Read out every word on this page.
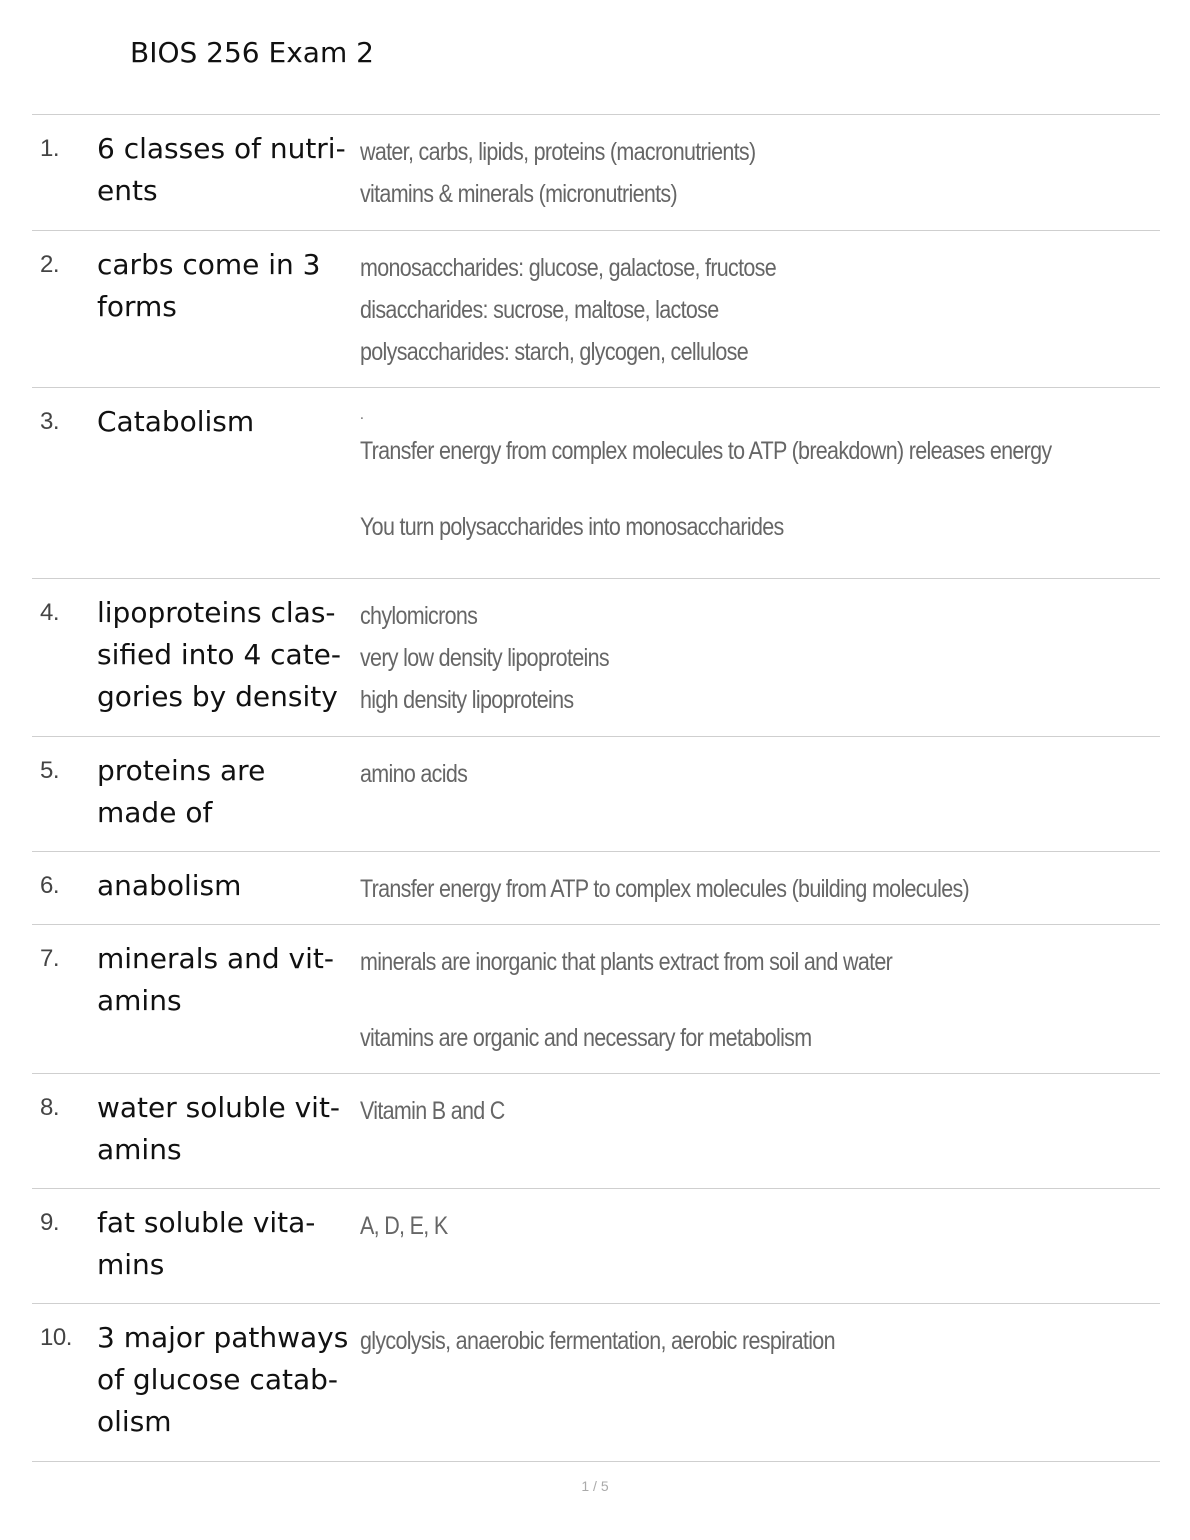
BIOS 256 Exam 2
1. 6 classes of nutri-
ents
water, carbs, lipids, proteins (macronutrients)
vitamins & minerals (micronutrients)
2. carbs come in 3
forms
monosaccharides: glucose, galactose, fructose
disaccharides: sucrose, maltose, lactose
polysaccharides: starch, glycogen, cellulose
3. Catabolism	.
Transfer energy from complex molecules to ATP (breakdown) releases energy
You turn polysaccharides into monosaccharides
4. lipoproteins clas-
sified into 4 cate-
gories by density
chylomicrons
very low density lipoproteins
high density lipoproteins
5. proteins are
made of
amino acids
6. anabolism	Transfer energy from ATP to complex molecules (building molecules)
7. minerals and vit-
amins
minerals are inorganic that plants extract from soil and water
vitamins are organic and necessary for metabolism
8. water soluble vit-
amins
Vitamin B and C
9. fat soluble vita-
mins
A, D, E, K
10. 3 major pathways
of glucose catab-
olism
glycolysis, anaerobic fermentation, aerobic respiration
1 / 5
